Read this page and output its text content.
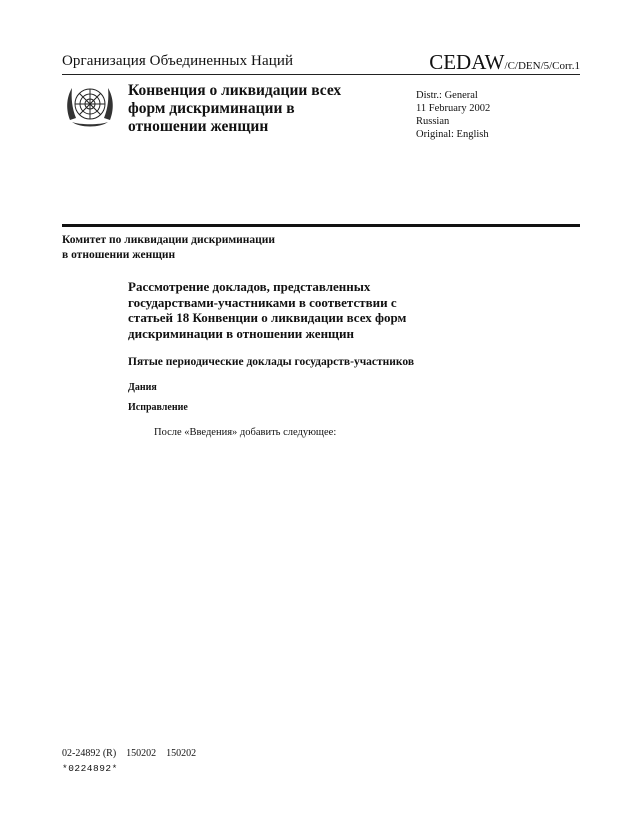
Организация Объединенных Наций	CEDAW/C/DEN/5/Corr.1
Конвенция о ликвидации всех
форм дискриминации в
отношении женщин
Distr.: General
11 February 2002
Russian
Original: English
Комитет по ликвидации дискриминации
в отношении женщин
Рассмотрение докладов, представленных
государствами-участниками в соответствии с
статьей 18 Конвенции о ликвидации всех форм
дискриминации в отношении женщин
Пятые периодические доклады государств-участников
Дания
Исправление
После «Введения» добавить следующее:
02-24892 (R)    150202    150202
*0224892*
